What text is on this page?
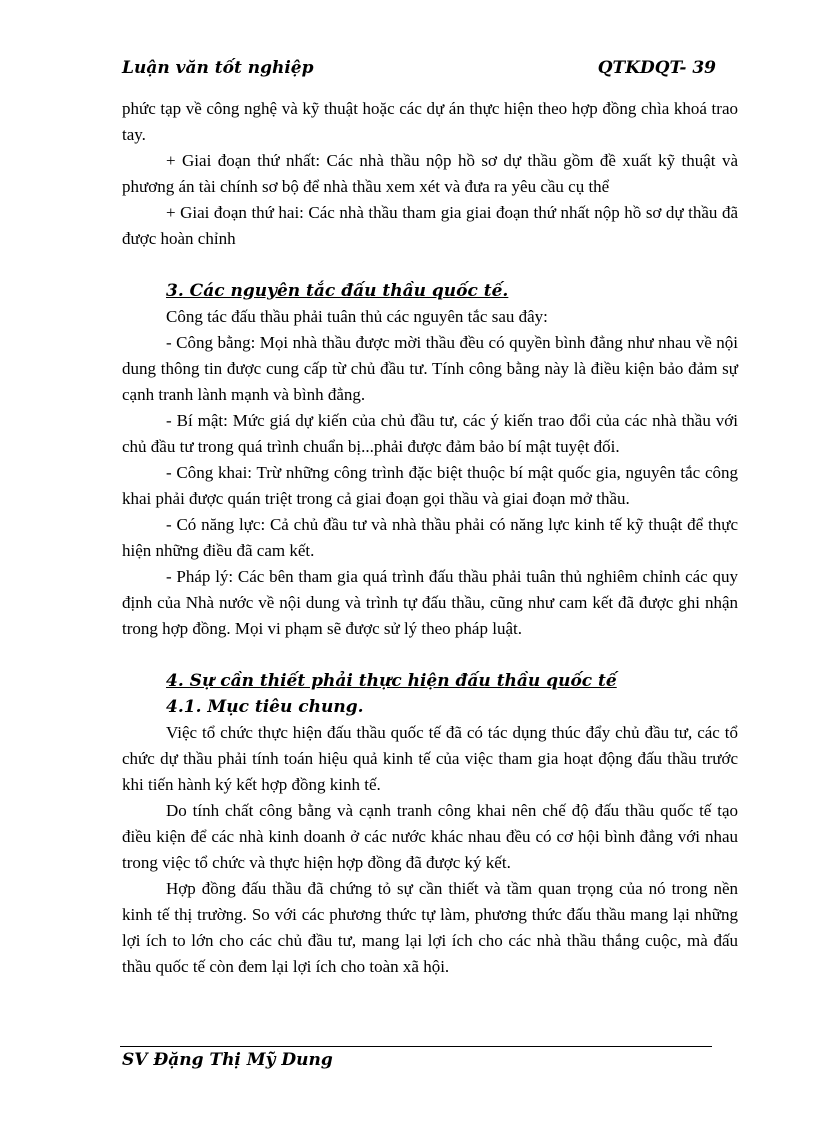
Luận văn tốt nghiệp	QTKDQT- 39

phức tạp về công nghệ và kỹ thuật hoặc các dự án thực hiện theo hợp đồng chìa khoá trao tay.

+ Giai đoạn thứ nhất: Các nhà thầu nộp hồ sơ dự thầu gồm đề xuất kỹ thuật và phương án tài chính sơ bộ để nhà thầu xem xét và đưa ra yêu cầu cụ thể

+ Giai đoạn thứ hai: Các nhà thầu tham gia giai đoạn thứ nhất nộp hồ sơ dự thầu đã được hoàn chỉnh

3. Các nguyên tắc đấu thầu quốc tế.

Công tác đấu thầu phải tuân thủ các nguyên tắc sau đây:

- Công bằng: Mọi nhà thầu được mời thầu đều có quyền bình đẳng như nhau về nội dung thông tin được cung cấp từ chủ đầu tư. Tính công bằng này là điều kiện bảo đảm sự cạnh tranh lành mạnh và bình đẳng.

- Bí mật: Mức giá dự kiến của chủ đầu tư, các ý kiến trao đổi của các nhà thầu với chủ đầu tư trong quá trình chuẩn bị...phải được đảm bảo bí mật tuyệt đối.

- Công khai: Trừ những công trình đặc biệt thuộc bí mật quốc gia, nguyên tắc công khai phải được quán triệt trong cả giai đoạn gọi thầu và giai đoạn mở thầu.

- Có năng lực: Cả chủ đầu tư và nhà thầu phải có năng lực kinh tế kỹ thuật để thực hiện những điều đã cam kết.

- Pháp lý: Các bên tham gia quá trình đấu thầu phải tuân thủ nghiêm chỉnh các quy định của Nhà nước về nội dung và trình tự đấu thầu, cũng như cam kết đã được ghi nhận trong hợp đồng. Mọi vi phạm sẽ được sử lý theo pháp luật.

4. Sự cần thiết phải thực hiện đấu thầu quốc tế

4.1. Mục tiêu chung.

Việc tổ chức thực hiện đấu thầu quốc tế đã có tác dụng thúc đẩy chủ đầu tư, các tổ chức dự thầu phải tính toán hiệu quả kinh tế của việc tham gia hoạt động đấu thầu trước khi tiến hành ký kết hợp đồng kinh tế.

Do tính chất công bằng và cạnh tranh công khai nên chế độ đấu thầu quốc tế tạo điều kiện để các nhà kinh doanh ở các nước khác nhau đều có cơ hội bình đẳng với nhau trong việc tổ chức và thực hiện hợp đồng đã được ký kết.

Hợp đồng đấu thầu đã chứng tỏ sự cần thiết và tầm quan trọng của nó trong nền kinh tế thị trường. So với các phương thức tự làm, phương thức đấu thầu mang lại những lợi ích to lớn cho các chủ đầu tư, mang lại lợi ích cho các nhà thầu thắng cuộc, mà đấu thầu quốc tế còn đem lại lợi ích cho toàn xã hội.

SV Đặng Thị Mỹ Dung
